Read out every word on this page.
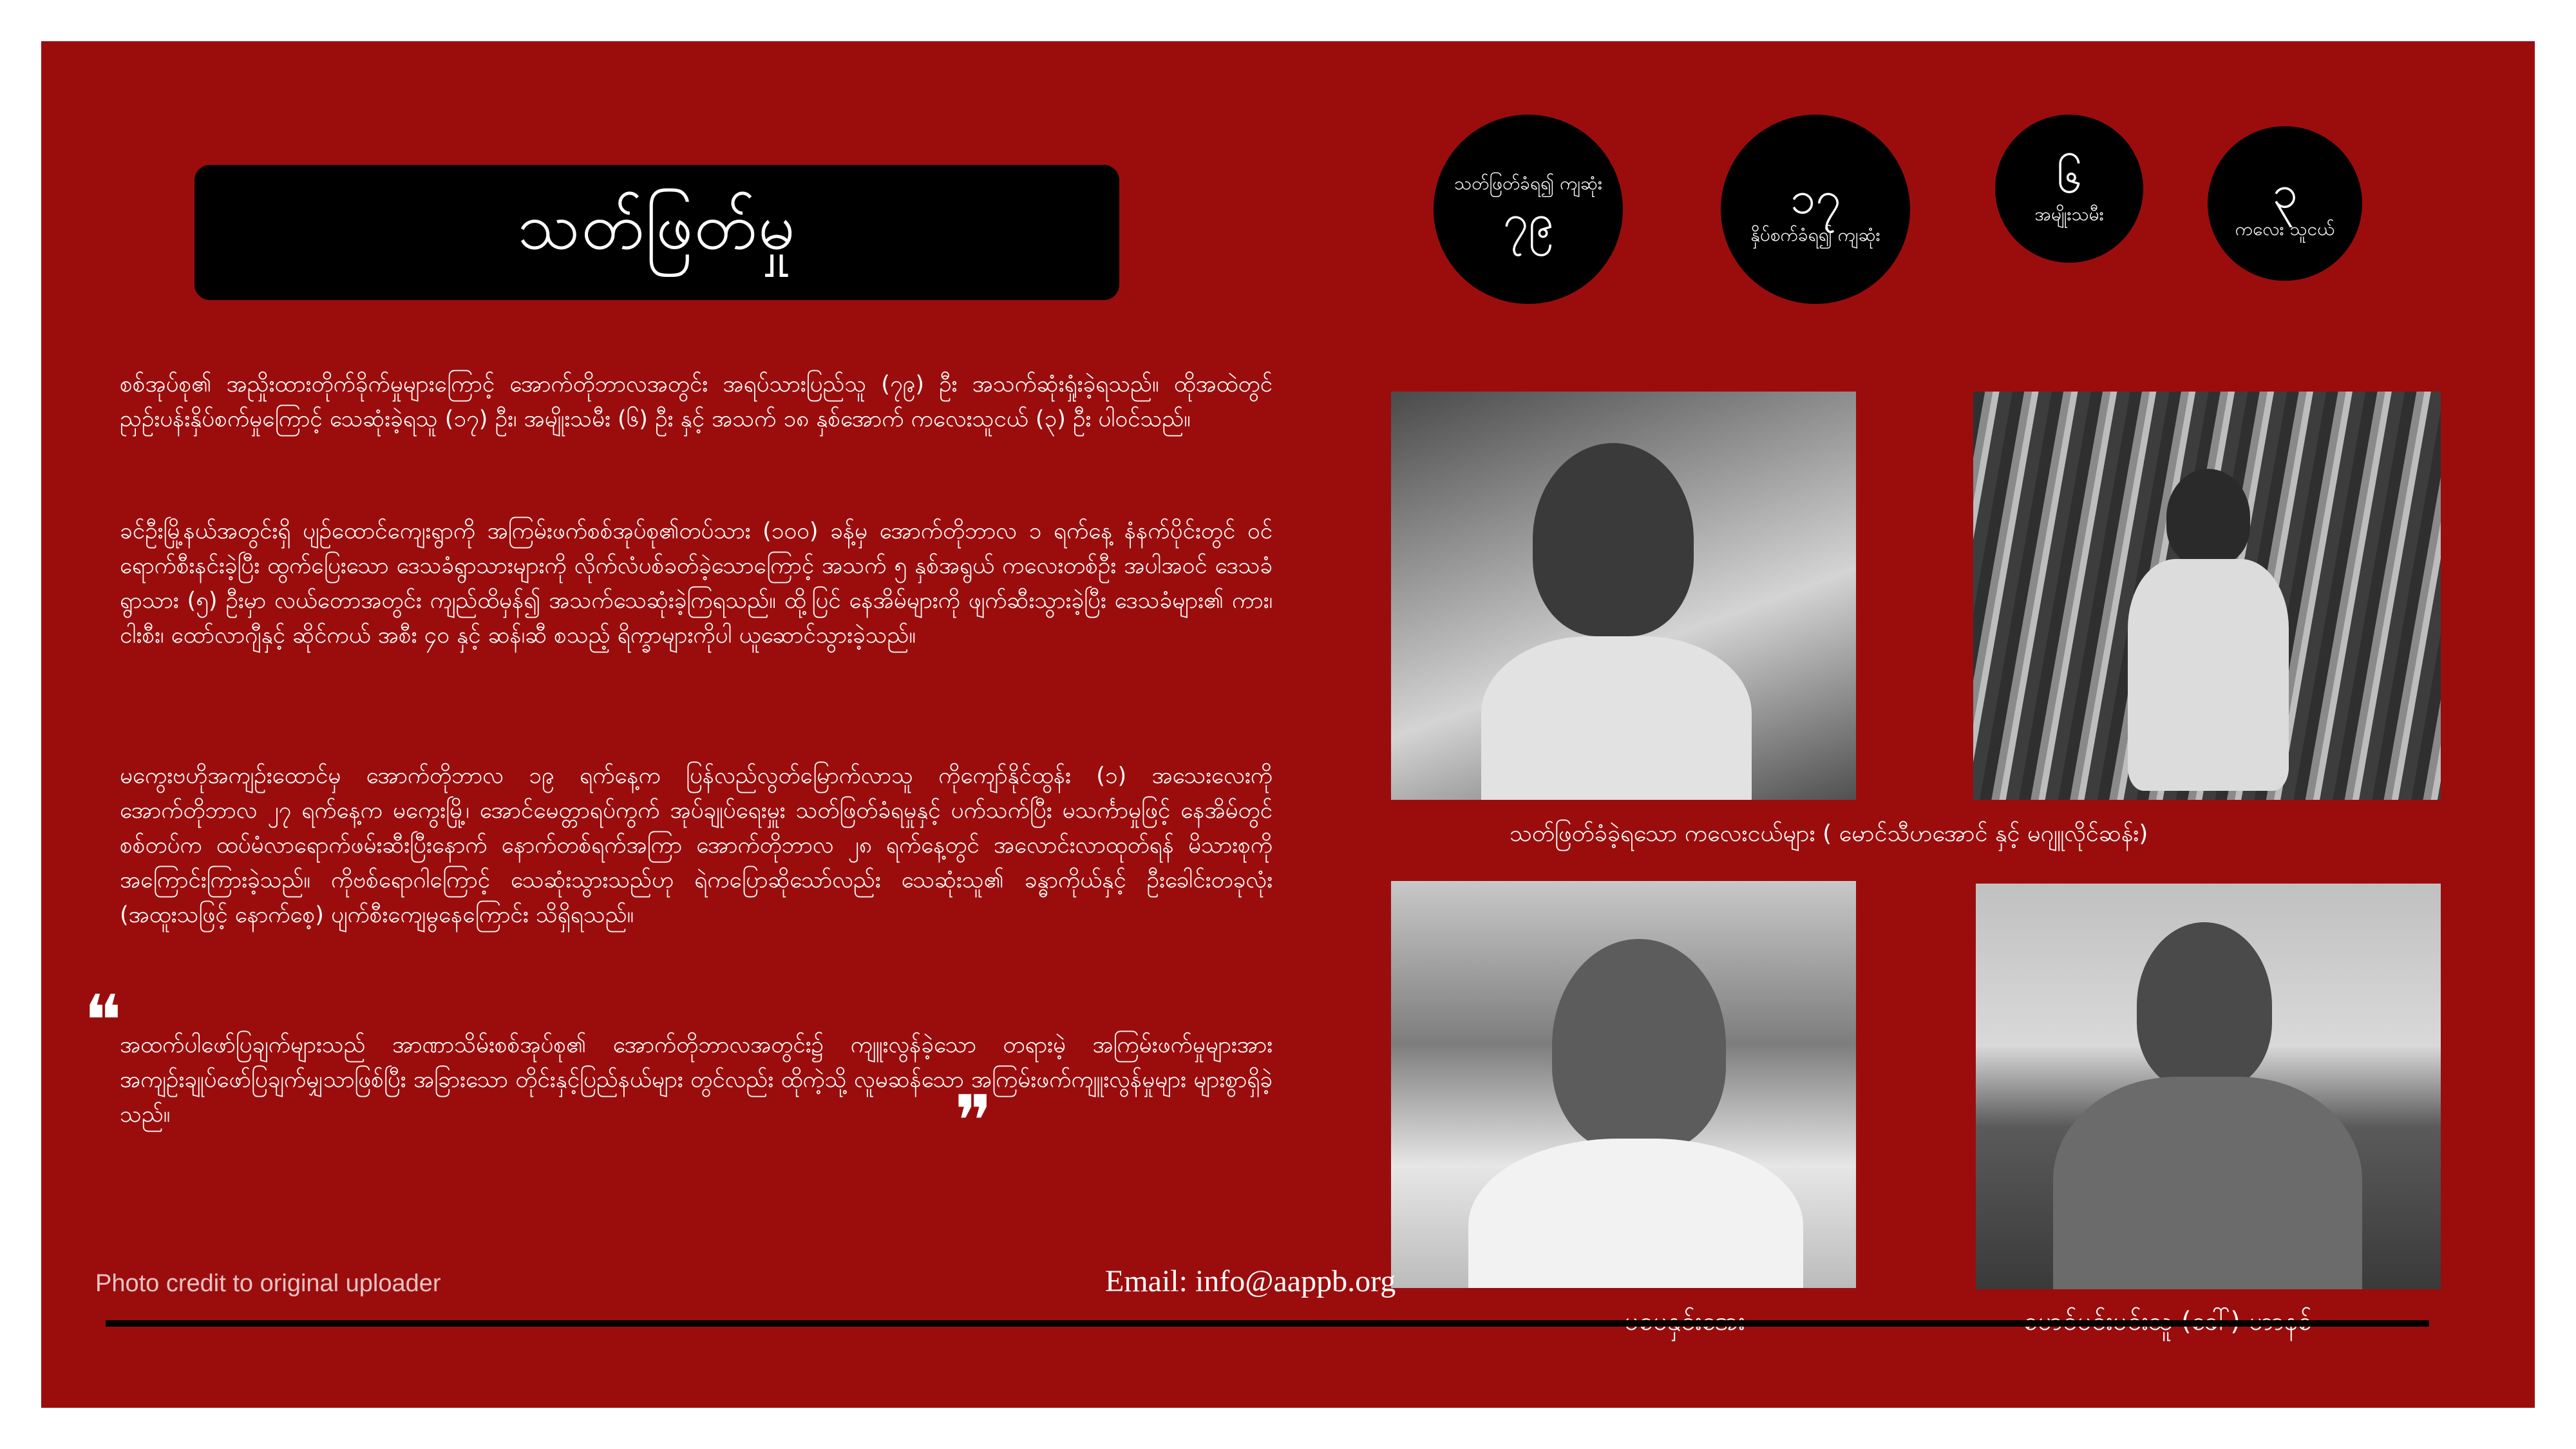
သတ်ဖြတ်မှု
သတ်ဖြတ်ခံရ၍ ကျဆုံး
၇၉	၁၇
နှိပ်စက်ခံရ၍ ကျဆုံး
၆
အမျိုးသမီး	၃
ကလေး သူငယ်
စစ်အုပ်စု၏ အညှိုးထားတိုက်ခိုက်မှုများကြောင့် အောက်တိုဘာလအတွင်း အရပ်သားပြည်သူ (၇၉) ဦး အသက်ဆုံးရှုံးခဲ့ရသည်။ ထိုအထဲတွင် ညှဉ်းပန်းနှိပ်စက်မှုကြောင့် သေဆုံးခဲ့ရသူ (၁၇) ဦး၊ အမျိုးသမီး (၆) ဦး နှင့် အသက် ၁၈ နှစ်အောက် ကလေးသူငယ် (၃) ဦး ပါဝင်သည်။
ခင်ဦးမြို့နယ်အတွင်းရှိ ပျဉ်ထောင်ကျေးရွာကို အကြမ်းဖက်စစ်အုပ်စု၏တပ်သား (၁၀၀) ခန့်မှ အောက်တိုဘာလ ၁ ရက်နေ့ နံနက်ပိုင်းတွင် ဝင်ရောက်စီးနင်းခဲ့ပြီး ထွက်ပြေးသော ဒေသခံရွာသားများကို လိုက်လံပစ်ခတ်ခဲ့သောကြောင့် အသက် ၅ နှစ်အရွယ် ကလေးတစ်ဦး အပါအဝင် ဒေသခံရွာသား (၅) ဦးမှာ လယ်တောအတွင်း ကျည်ထိမှန်၍ အသက်သေဆုံးခဲ့ကြရသည်။ ထို့ပြင် နေအိမ်များကို ဖျက်ဆီးသွားခဲ့ပြီး ဒေသခံများ၏ ကား၊ ငါးစီး၊ ထော်လာဂျီနှင့် ဆိုင်ကယ် အစီး ၄၀ နှင့် ဆန်၊ဆီ စသည့် ရိက္ခာများကိုပါ ယူဆောင်သွားခဲ့သည်။
မကွေးဗဟိုအကျဉ်းထောင်မှ အောက်တိုဘာလ ၁၉ ရက်နေ့က ပြန်လည်လွတ်မြောက်လာသူ ကိုကျော်နိုင်ထွန်း (၁) အသေးလေးကို အောက်တိုဘာလ ၂၇ ရက်နေ့က မကွေးမြို့၊ အောင်မေတ္တာရပ်ကွက် အုပ်ချုပ်ရေးမှူး သတ်ဖြတ်ခံရမှုနှင့် ပက်သက်ပြီး မသင်္ကာမှုဖြင့် နေအိမ်တွင် စစ်တပ်က ထပ်မံလာရောက်ဖမ်းဆီးပြီးနောက် နောက်တစ်ရက်အကြာ အောက်တိုဘာလ ၂၈ ရက်နေ့တွင် အလောင်းလာထုတ်ရန် မိသားစုကို အကြောင်းကြားခဲ့သည်။ ကိုဗစ်ရောဂါကြောင့် သေဆုံးသွားသည်ဟု ရဲကပြောဆိုသော်လည်း သေဆုံးသူ၏ ခန္ဓာကိုယ်နှင့် ဦးခေါင်းတခုလုံး (အထူးသဖြင့် နောက်စေ့) ပျက်စီးကျေမွနေကြောင်း သိရှိရသည်။
❝
အထက်ပါဖော်ပြချက်များသည် အာဏာသိမ်းစစ်အုပ်စု၏ အောက်တိုဘာလအတွင်း၌ ကျူးလွန်ခဲ့သော တရားမဲ့ အကြမ်းဖက်မှုများအား အကျဉ်းချုပ်ဖော်ပြချက်မျှသာဖြစ်ပြီး အခြားသော တိုင်းနှင့်ပြည်နယ်များ တွင်လည်း ထိုကဲ့သို့ လူမဆန်သော အကြမ်းဖက်ကျူးလွန်မှုများ များစွာရှိခဲ့သည်။	❞
သတ်ဖြတ်ခံခဲ့ရသော ကလေးငယ်များ ( မောင်သီဟအောင် နှင့် မဂျူလိုင်ဆန်း)
Photo credit to original uploader	Email: info@aappb.org
